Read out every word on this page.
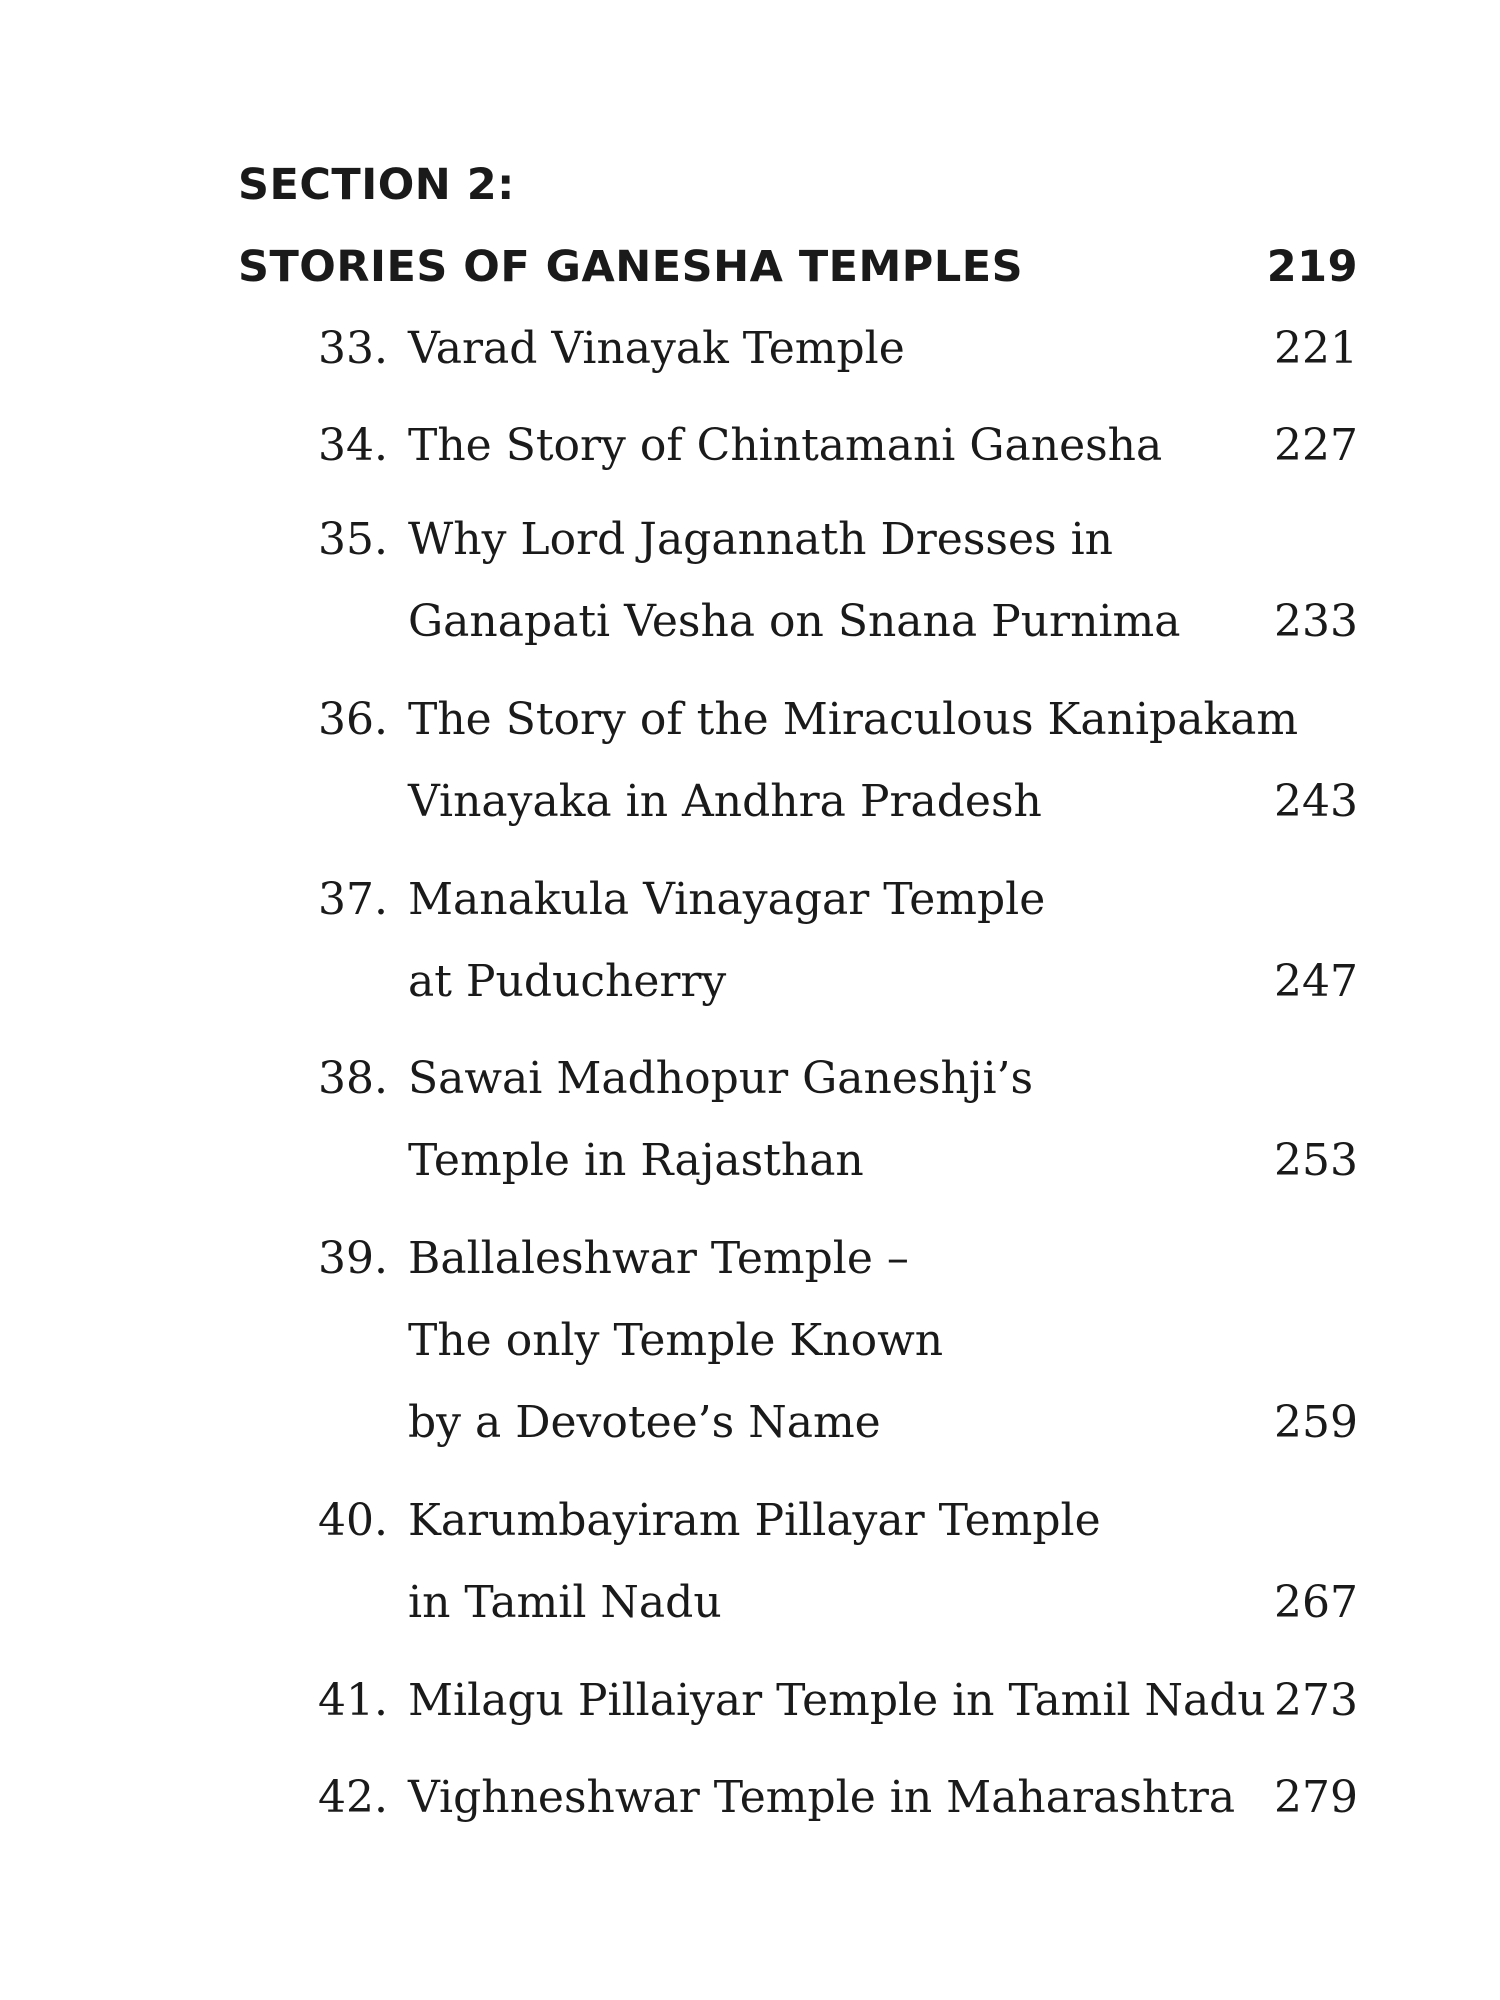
SECTION 2:
STORIES OF GANESHA TEMPLES	219
33. Varad Vinayak Temple	221
34. The Story of Chintamani Ganesha	227
35. Why Lord Jagannath Dresses in
Ganapati Vesha on Snana Purnima 233
36. The Story of the Miraculous Kanipakam
Vinayaka in Andhra Pradesh	243
37. Manakula Vinayagar Temple
at Puducherry	247
38. Sawai Madhopur Ganeshji’s
Temple in Rajasthan	253
39. Ballaleshwar Temple –
The only Temple Known
by a Devotee’s Name	259
40. Karumbayiram Pillayar Temple
in Tamil Nadu	267
41. Milagu Pillaiyar Temple in Tamil Nadu 273
42. Vighneshwar Temple in Maharashtra 279
